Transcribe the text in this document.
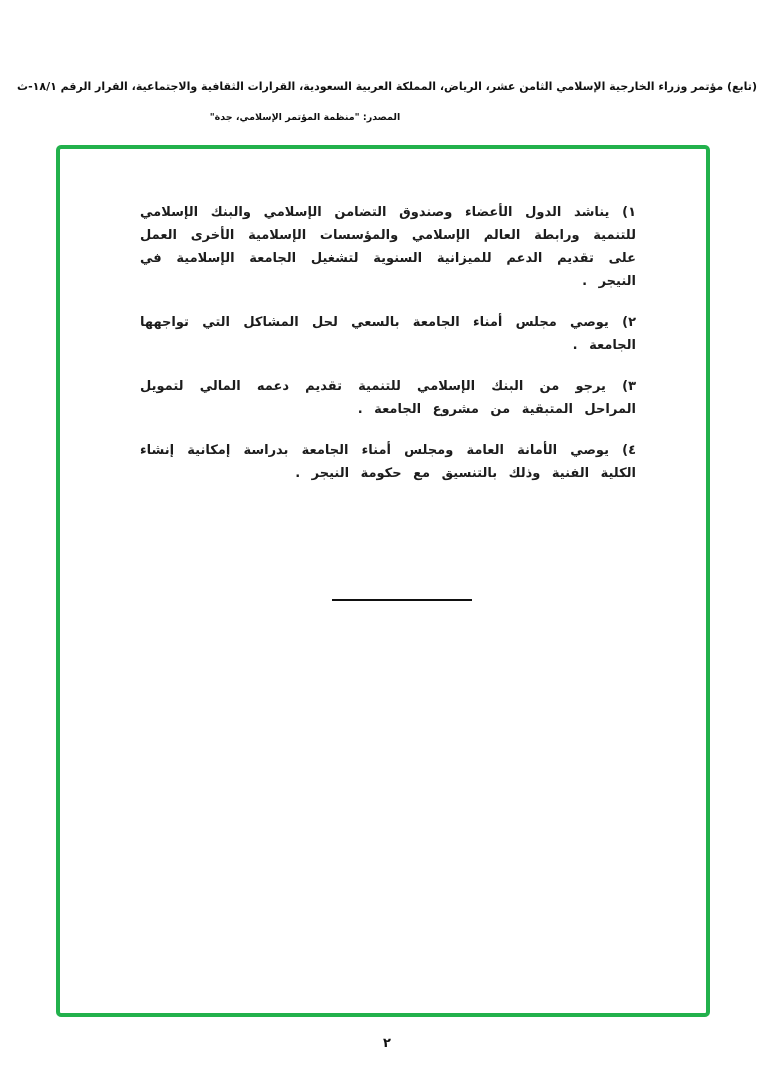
(تابع) مؤتمر وزراء الخارجية الإسلامي الثامن عشر، الرياض، المملكة العربية السعودية، القرارات الثقافية والاجتماعية، القرار الرقم ١٨/١-ث
المصدر: "منظمة المؤتمر الإسلامي، جدة"

١) يناشد الدول الأعضاء وصندوق التضامن الإسلامي والبنك الإسلامي للتنمية ورابطة العالم الإسلامي والمؤسسات الإسلامية الأخرى العمل على تقديم الدعم للميزانية السنوية لتشغيل الجامعة الإسلامية في النيجر .

٢) يوصي مجلس أمناء الجامعة بالسعي لحل المشاكل التي تواجهها الجامعة .

٣) يرجو من البنك الإسلامي للتنمية تقديم دعمه المالي لتمويل المراحل المتبقية من مشروع الجامعة .

٤) يوصي الأمانة العامة ومجلس أمناء الجامعة بدراسة إمكانية إنشاء الكلية الفنية وذلك بالتنسيق مع حكومة النيجر .

٢
